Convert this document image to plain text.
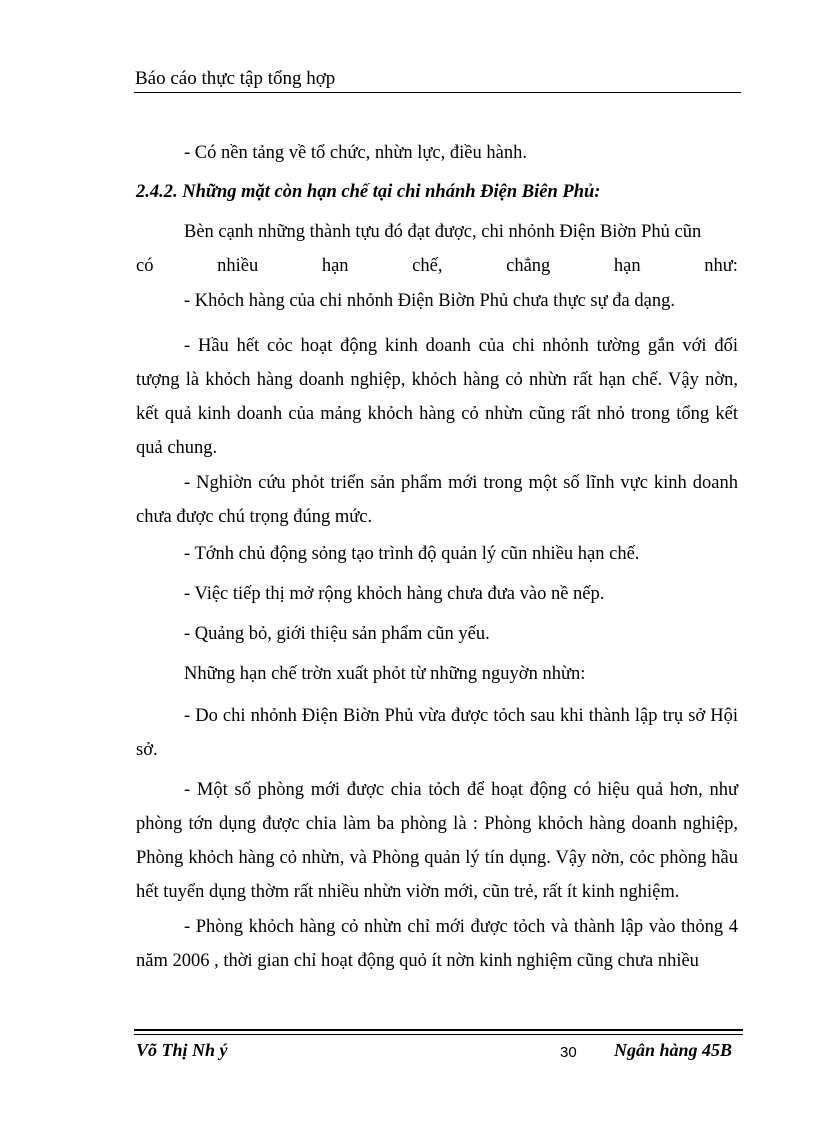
Báo cáo thực tập tổng hợp

- Có nền tảng về tổ chức, nhừn lực, điều hành.

2.4.2. Những mặt còn hạn chế tại chi nhánh Điện Biên Phủ:

Bèn cạnh những thành tựu đó đạt được, chi nhỏnh Điện Biờn Phủ cũn

có	nhiều	hạn	chế,	chẳng	hạn	như:

- Khỏch hàng của chi nhỏnh Điện Biờn Phủ chưa thực sự đa dạng.

- Hầu hết cỏc hoạt động kinh doanh của chi nhỏnh tường gắn với đối tượng là khỏch hàng doanh nghiệp, khỏch hàng cỏ nhừn rất hạn chế. Vậy nờn, kết quả kinh doanh của mảng khỏch hàng cỏ nhừn cũng rất nhỏ trong tổng kết quả chung.

- Nghiờn cứu phỏt triển sản phẩm mới trong một số lĩnh vực kinh doanh chưa được chú trọng đúng mức.

- Tớnh chủ động sỏng tạo trình độ quản lý cũn nhiều hạn chế.

- Việc tiếp thị mở rộng khỏch hàng chưa đưa vào nề nếp.

- Quảng bỏ, giới thiệu sản phẩm cũn yếu.

Những hạn chế trờn xuất phỏt từ những nguyờn nhừn:

- Do chi nhỏnh Điện Biờn Phủ vừa được tỏch sau khi thành lập trụ sở Hội sở.

- Một số phòng mới được chia tỏch để hoạt động có hiệu quả hơn, như phòng tớn dụng được chia làm ba phòng là : Phòng khỏch hàng doanh nghiệp, Phòng khỏch hàng cỏ nhừn, và Phòng quản lý tín dụng. Vậy nờn, cỏc phòng hầu hết tuyển dụng thờm rất nhiều nhừn viờn mới, cũn trẻ, rất ít kinh nghiệm.

- Phòng khỏch hàng cỏ nhừn chỉ mới được tỏch và thành lập vào thỏng 4 năm 2006 , thời gian chỉ hoạt động quỏ ít nờn kinh nghiệm cũng chưa nhiều

Võ Thị Nh ý	30 Ngân hàng 45B
